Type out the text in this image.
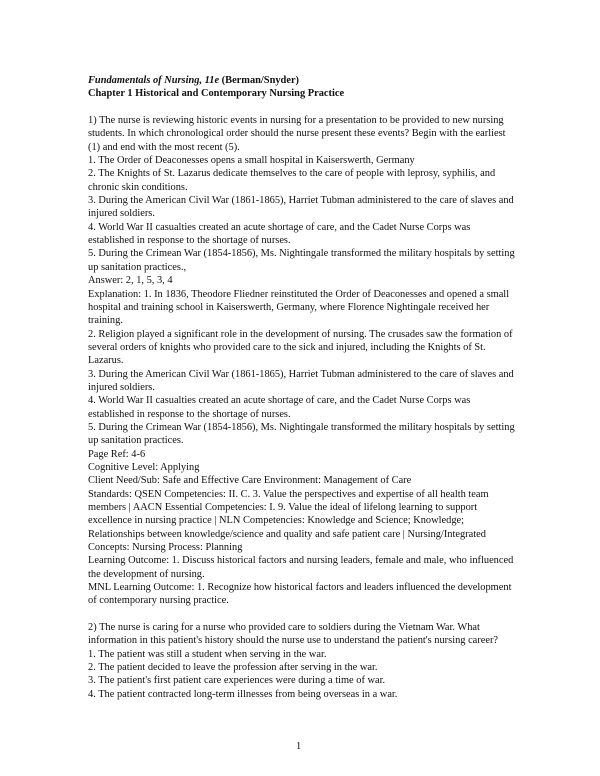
Fundamentals of Nursing, 11e (Berman/Snyder)

Chapter 1 Historical and Contemporary Nursing Practice

1) The nurse is reviewing historic events in nursing for a presentation to be provided to new nursing students. In which chronological order should the nurse present these events? Begin with the earliest (1) and end with the most recent (5).

1. The Order of Deaconesses opens a small hospital in Kaiserswerth, Germany

2. The Knights of St. Lazarus dedicate themselves to the care of people with leprosy, syphilis, and chronic skin conditions.

3. During the American Civil War (1861-1865), Harriet Tubman administered to the care of slaves and injured soldiers.

4. World War II casualties created an acute shortage of care, and the Cadet Nurse Corps was established in response to the shortage of nurses.

5. During the Crimean War (1854-1856), Ms. Nightingale transformed the military hospitals by setting up sanitation practices.,

Answer: 2, 1, 5, 3, 4

Explanation: 1. In 1836, Theodore Fliedner reinstituted the Order of Deaconesses and opened a small hospital and training school in Kaiserswerth, Germany, where Florence Nightingale received her training.

2. Religion played a significant role in the development of nursing. The crusades saw the formation of several orders of knights who provided care to the sick and injured, including the Knights of St. Lazarus.

3. During the American Civil War (1861-1865), Harriet Tubman administered to the care of slaves and injured soldiers.

4. World War II casualties created an acute shortage of care, and the Cadet Nurse Corps was established in response to the shortage of nurses.

5. During the Crimean War (1854-1856), Ms. Nightingale transformed the military hospitals by setting up sanitation practices.

Page Ref: 4-6

Cognitive Level: Applying

Client Need/Sub: Safe and Effective Care Environment: Management of Care

Standards: QSEN Competencies: II. C. 3. Value the perspectives and expertise of all health team members | AACN Essential Competencies: I. 9. Value the ideal of lifelong learning to support excellence in nursing practice | NLN Competencies: Knowledge and Science; Knowledge; Relationships between knowledge/science and quality and safe patient care | Nursing/Integrated Concepts: Nursing Process: Planning

Learning Outcome: 1. Discuss historical factors and nursing leaders, female and male, who influenced the development of nursing.

MNL Learning Outcome: 1. Recognize how historical factors and leaders influenced the development of contemporary nursing practice.

2) The nurse is caring for a nurse who provided care to soldiers during the Vietnam War. What information in this patient's history should the nurse use to understand the patient's nursing career?

1. The patient was still a student when serving in the war.

2. The patient decided to leave the profession after serving in the war.

3. The patient's first patient care experiences were during a time of war.

4. The patient contracted long-term illnesses from being overseas in a war.

1
